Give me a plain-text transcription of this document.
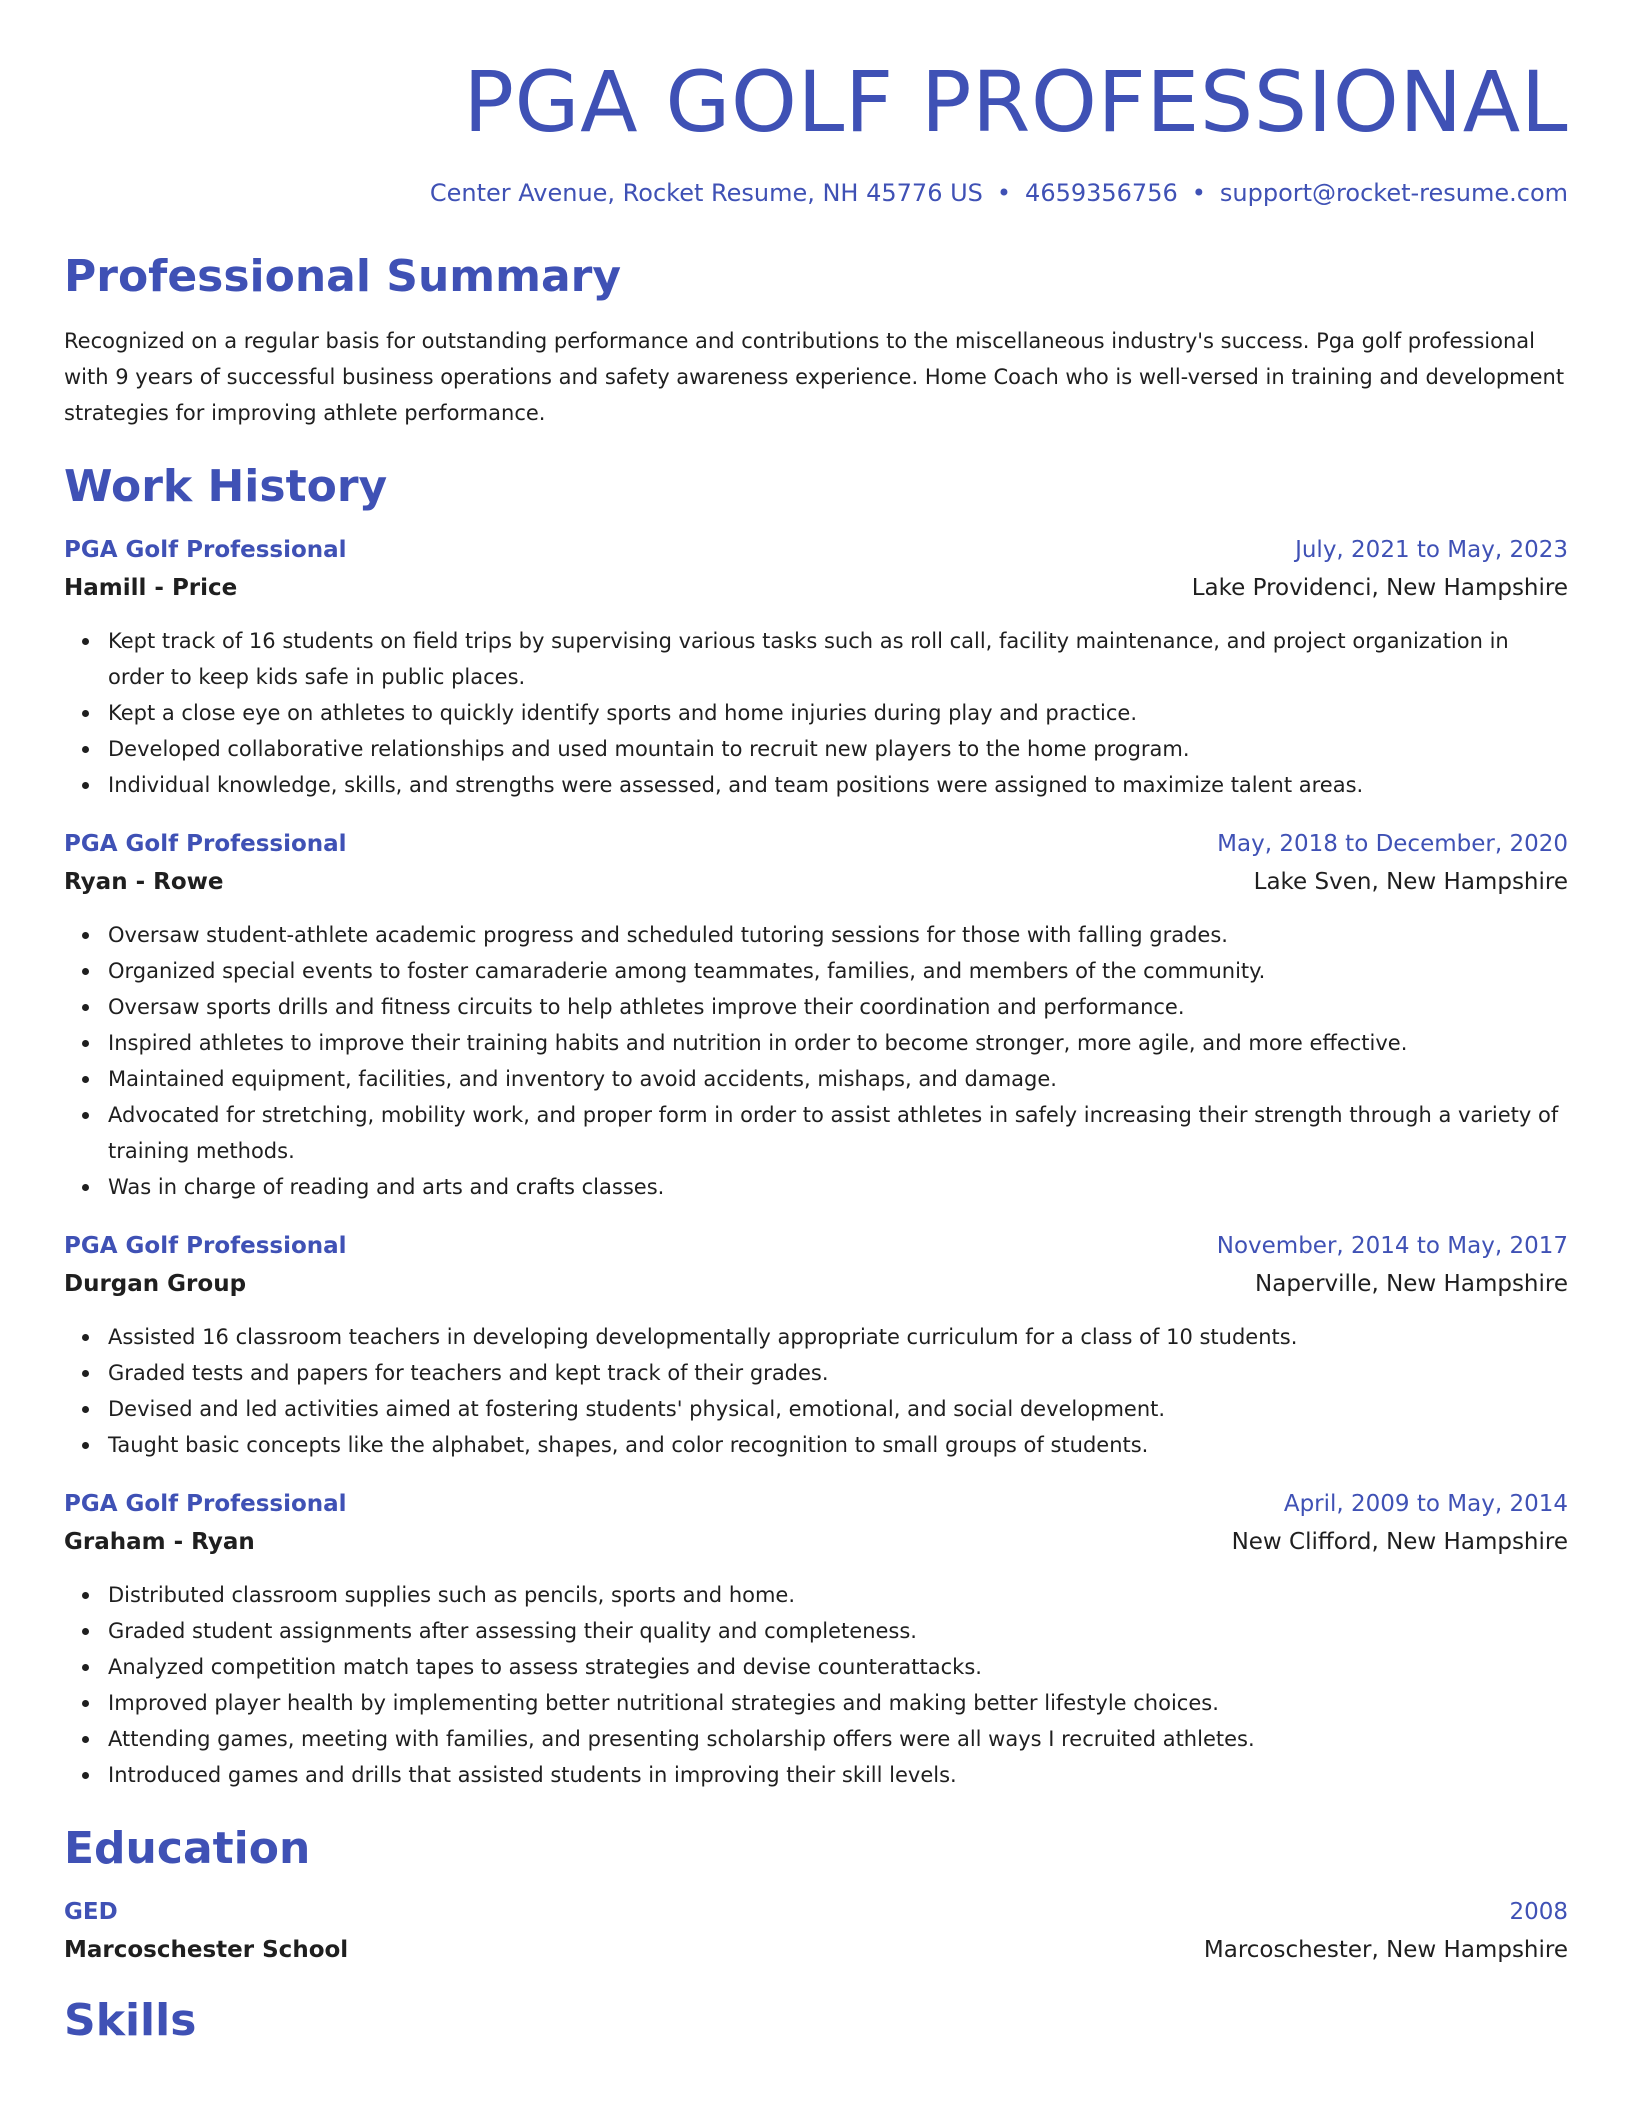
PGA GOLF PROFESSIONAL
Center Avenue, Rocket Resume, NH 45776 US • 4659356756 • support@rocket-resume.com
Professional Summary
Recognized on a regular basis for outstanding performance and contributions to the miscellaneous industry's success. Pga golf professional with 9 years of successful business operations and safety awareness experience. Home Coach who is well-versed in training and development strategies for improving athlete performance.
Work History
PGA Golf Professional	July, 2021 to May, 2023
Hamill - Price	Lake Providenci, New Hampshire
Kept track of 16 students on field trips by supervising various tasks such as roll call, facility maintenance, and project organization in order to keep kids safe in public places.
Kept a close eye on athletes to quickly identify sports and home injuries during play and practice.
Developed collaborative relationships and used mountain to recruit new players to the home program.
Individual knowledge, skills, and strengths were assessed, and team positions were assigned to maximize talent areas.
PGA Golf Professional	May, 2018 to December, 2020
Ryan - Rowe	Lake Sven, New Hampshire
Oversaw student-athlete academic progress and scheduled tutoring sessions for those with falling grades.
Organized special events to foster camaraderie among teammates, families, and members of the community.
Oversaw sports drills and fitness circuits to help athletes improve their coordination and performance.
Inspired athletes to improve their training habits and nutrition in order to become stronger, more agile, and more effective.
Maintained equipment, facilities, and inventory to avoid accidents, mishaps, and damage.
Advocated for stretching, mobility work, and proper form in order to assist athletes in safely increasing their strength through a variety of training methods.
Was in charge of reading and arts and crafts classes.
PGA Golf Professional	November, 2014 to May, 2017
Durgan Group	Naperville, New Hampshire
Assisted 16 classroom teachers in developing developmentally appropriate curriculum for a class of 10 students.
Graded tests and papers for teachers and kept track of their grades.
Devised and led activities aimed at fostering students' physical, emotional, and social development.
Taught basic concepts like the alphabet, shapes, and color recognition to small groups of students.
PGA Golf Professional	April, 2009 to May, 2014
Graham - Ryan	New Clifford, New Hampshire
Distributed classroom supplies such as pencils, sports and home.
Graded student assignments after assessing their quality and completeness.
Analyzed competition match tapes to assess strategies and devise counterattacks.
Improved player health by implementing better nutritional strategies and making better lifestyle choices.
Attending games, meeting with families, and presenting scholarship offers were all ways I recruited athletes.
Introduced games and drills that assisted students in improving their skill levels.
Education
GED	2008
Marcoschester School	Marcoschester, New Hampshire
Skills
